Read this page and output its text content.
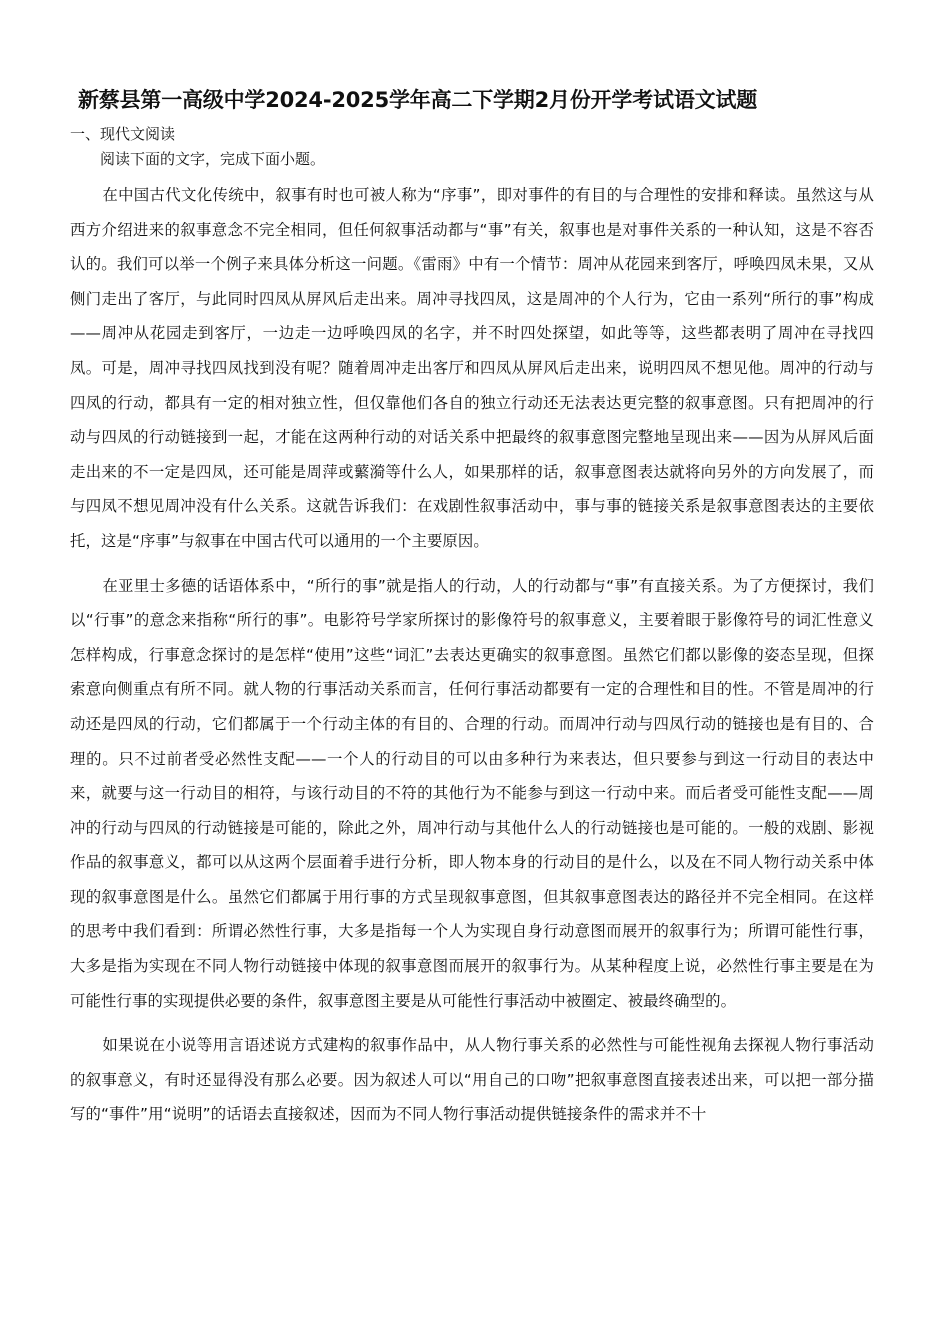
新蔡县第一高级中学2024-2025学年高二下学期2月份开学考试语文试题
一、现代文阅读

阅读下面的文字，完成下面小题。

在中国古代文化传统中，叙事有时也可被人称为“序事”，即对事件的有目的与合理性的安排和释读。虽然这与从西方介绍进来的叙事意念不完全相同，但任何叙事活动都与“事”有关，叙事也是对事件关系的一种认知，这是不容否认的。我们可以举一个例子来具体分析这一问题。《雷雨》中有一个情节：周冲从花园来到客厅，呼唤四凤未果，又从侧门走出了客厅，与此同时四凤从屏风后走出来。周冲寻找四凤，这是周冲的个人行为，它由一系列“所行的事”构成——周冲从花园走到客厅，一边走一边呼唤四凤的名字，并不时四处探望，如此等等，这些都表明了周冲在寻找四凤。可是，周冲寻找四凤找到没有呢？随着周冲走出客厅和四凤从屏风后走出来，说明四凤不想见他。周冲的行动与四凤的行动，都具有一定的相对独立性，但仅靠他们各自的独立行动还无法表达更完整的叙事意图。只有把周冲的行动与四凤的行动链接到一起，才能在这两种行动的对话关系中把最终的叙事意图完整地呈现出来——因为从屏风后面走出来的不一定是四凤，还可能是周萍或蘩漪等什么人，如果那样的话，叙事意图表达就将向另外的方向发展了，而与四凤不想见周冲没有什么关系。这就告诉我们：在戏剧性叙事活动中，事与事的链接关系是叙事意图表达的主要依托，这是“序事”与叙事在中国古代可以通用的一个主要原因。

在亚里士多德的话语体系中，“所行的事”就是指人的行动，人的行动都与“事”有直接关系。为了方便探讨，我们以“行事”的意念来指称“所行的事”。电影符号学家所探讨的影像符号的叙事意义，主要着眼于影像符号的词汇性意义怎样构成，行事意念探讨的是怎样“使用”这些“词汇”去表达更确实的叙事意图。虽然它们都以影像的姿态呈现，但探索意向侧重点有所不同。就人物的行事活动关系而言，任何行事活动都要有一定的合理性和目的性。不管是周冲的行动还是四凤的行动，它们都属于一个行动主体的有目的、合理的行动。而周冲行动与四凤行动的链接也是有目的、合理的。只不过前者受必然性支配——一个人的行动目的可以由多种行为来表达，但只要参与到这一行动目的表达中来，就要与这一行动目的相符，与该行动目的不符的其他行为不能参与到这一行动中来。而后者受可能性支配——周冲的行动与四凤的行动链接是可能的，除此之外，周冲行动与其他什么人的行动链接也是可能的。一般的戏剧、影视作品的叙事意义，都可以从这两个层面着手进行分析，即人物本身的行动目的是什么，以及在不同人物行动关系中体现的叙事意图是什么。虽然它们都属于用行事的方式呈现叙事意图，但其叙事意图表达的路径并不完全相同。在这样的思考中我们看到：所谓必然性行事，大多是指每一个人为实现自身行动意图而展开的叙事行为；所谓可能性行事，大多是指为实现在不同人物行动链接中体现的叙事意图而展开的叙事行为。从某种程度上说，必然性行事主要是在为可能性行事的实现提供必要的条件，叙事意图主要是从可能性行事活动中被圈定、被最终确型的。

如果说在小说等用言语述说方式建构的叙事作品中，从人物行事关系的必然性与可能性视角去探视人物行事活动的叙事意义，有时还显得没有那么必要。因为叙述人可以“用自己的口吻”把叙事意图直接表述出来，可以把一部分描写的“事件”用“说明”的话语去直接叙述，因而为不同人物行事活动提供链接条件的需求并不十
